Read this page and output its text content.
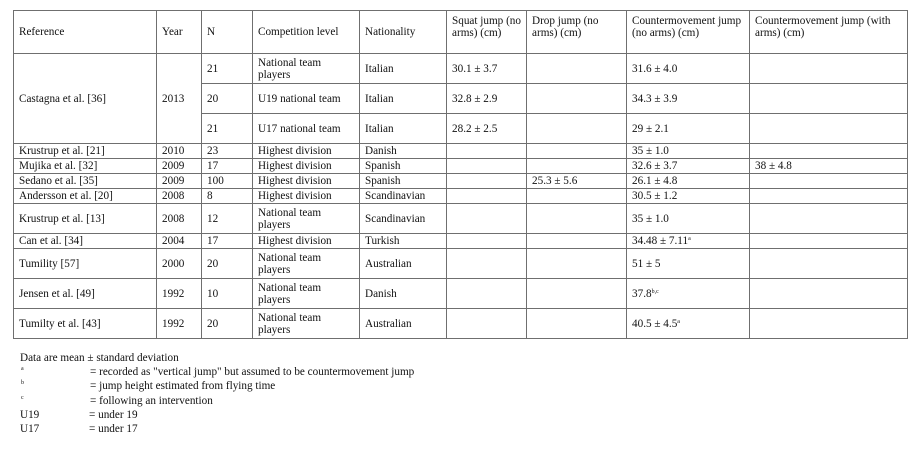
Reference	Year	N	Competition level	Nationality	Squat jump (no arms) (cm)	Drop jump (no arms) (cm)	Countermovement jump (no arms) (cm)	Countermovement jump (with arms) (cm)
Castagna et al. [36]	2013	21	National team players	Italian	30.1 ± 3.7		31.6 ± 4.0	
		20	U19 national team	Italian	32.8 ± 2.9		34.3 ± 3.9	
		21	U17 national team	Italian	28.2 ± 2.5		29 ± 2.1	
Krustrup et al. [21]	2010	23	Highest division	Danish			35 ± 1.0	
Mujika et al. [32]	2009	17	Highest division	Spanish			32.6 ± 3.7	38 ± 4.8
Sedano et al. [35]	2009	100	Highest division	Spanish		25.3 ± 5.6	26.1 ± 4.8	
Andersson et al. [20]	2008	8	Highest division	Scandinavian			30.5 ± 1.2	
Krustrup et al. [13]	2008	12	National team players	Scandinavian			35 ± 1.0	
Can et al. [34]	2004	17	Highest division	Turkish			34.48 ± 7.11$^a$	
Tumility [57]	2000	20	National team players	Australian			51 ± 5	
Jensen et al. [49]	1992	10	National team players	Danish			37.8$^{b,c}$	
Tumilty et al. [43]	1992	20	National team players	Australian			40.5 ± 4.5$^a$	
Data are mean ± standard deviation
a	= recorded as "vertical jump" but assumed to be countermovement jump
b	= jump height estimated from flying time
c	= following an intervention
U19	= under 19
U17	= under 17
